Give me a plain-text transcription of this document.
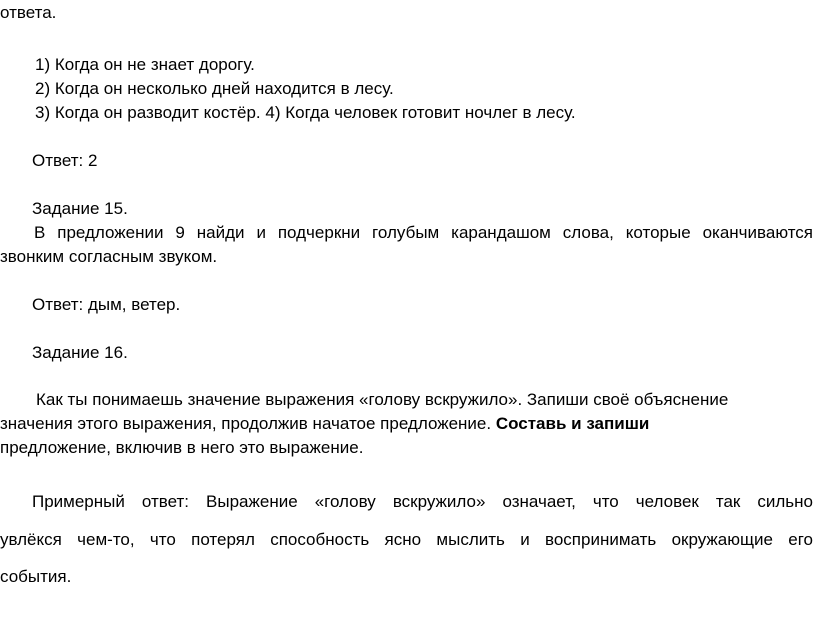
ответа.
1) Когда он не знает дорогу.
2) Когда он несколько дней находится в лесу.
3) Когда он разводит костёр. 4) Когда человек готовит ночлег в лесу.
Ответ: 2
Задание 15.
В предложении 9 найди и подчеркни голубым карандашом слова, которые оканчиваются
звонким согласным звуком.
Ответ: дым, ветер.
Задание 16.
Как ты понимаешь значение выражения «голову вскружило». Запиши своё объяснение
значения этого выражения, продолжив начатое предложение. Составь и запиши
предложение, включив в него это выражение.
Примерный ответ: Выражение «голову вскружило» означает, что человек так сильно
увлёкся чем-то, что потерял способность ясно мыслить и воспринимать окружающие его
события.
